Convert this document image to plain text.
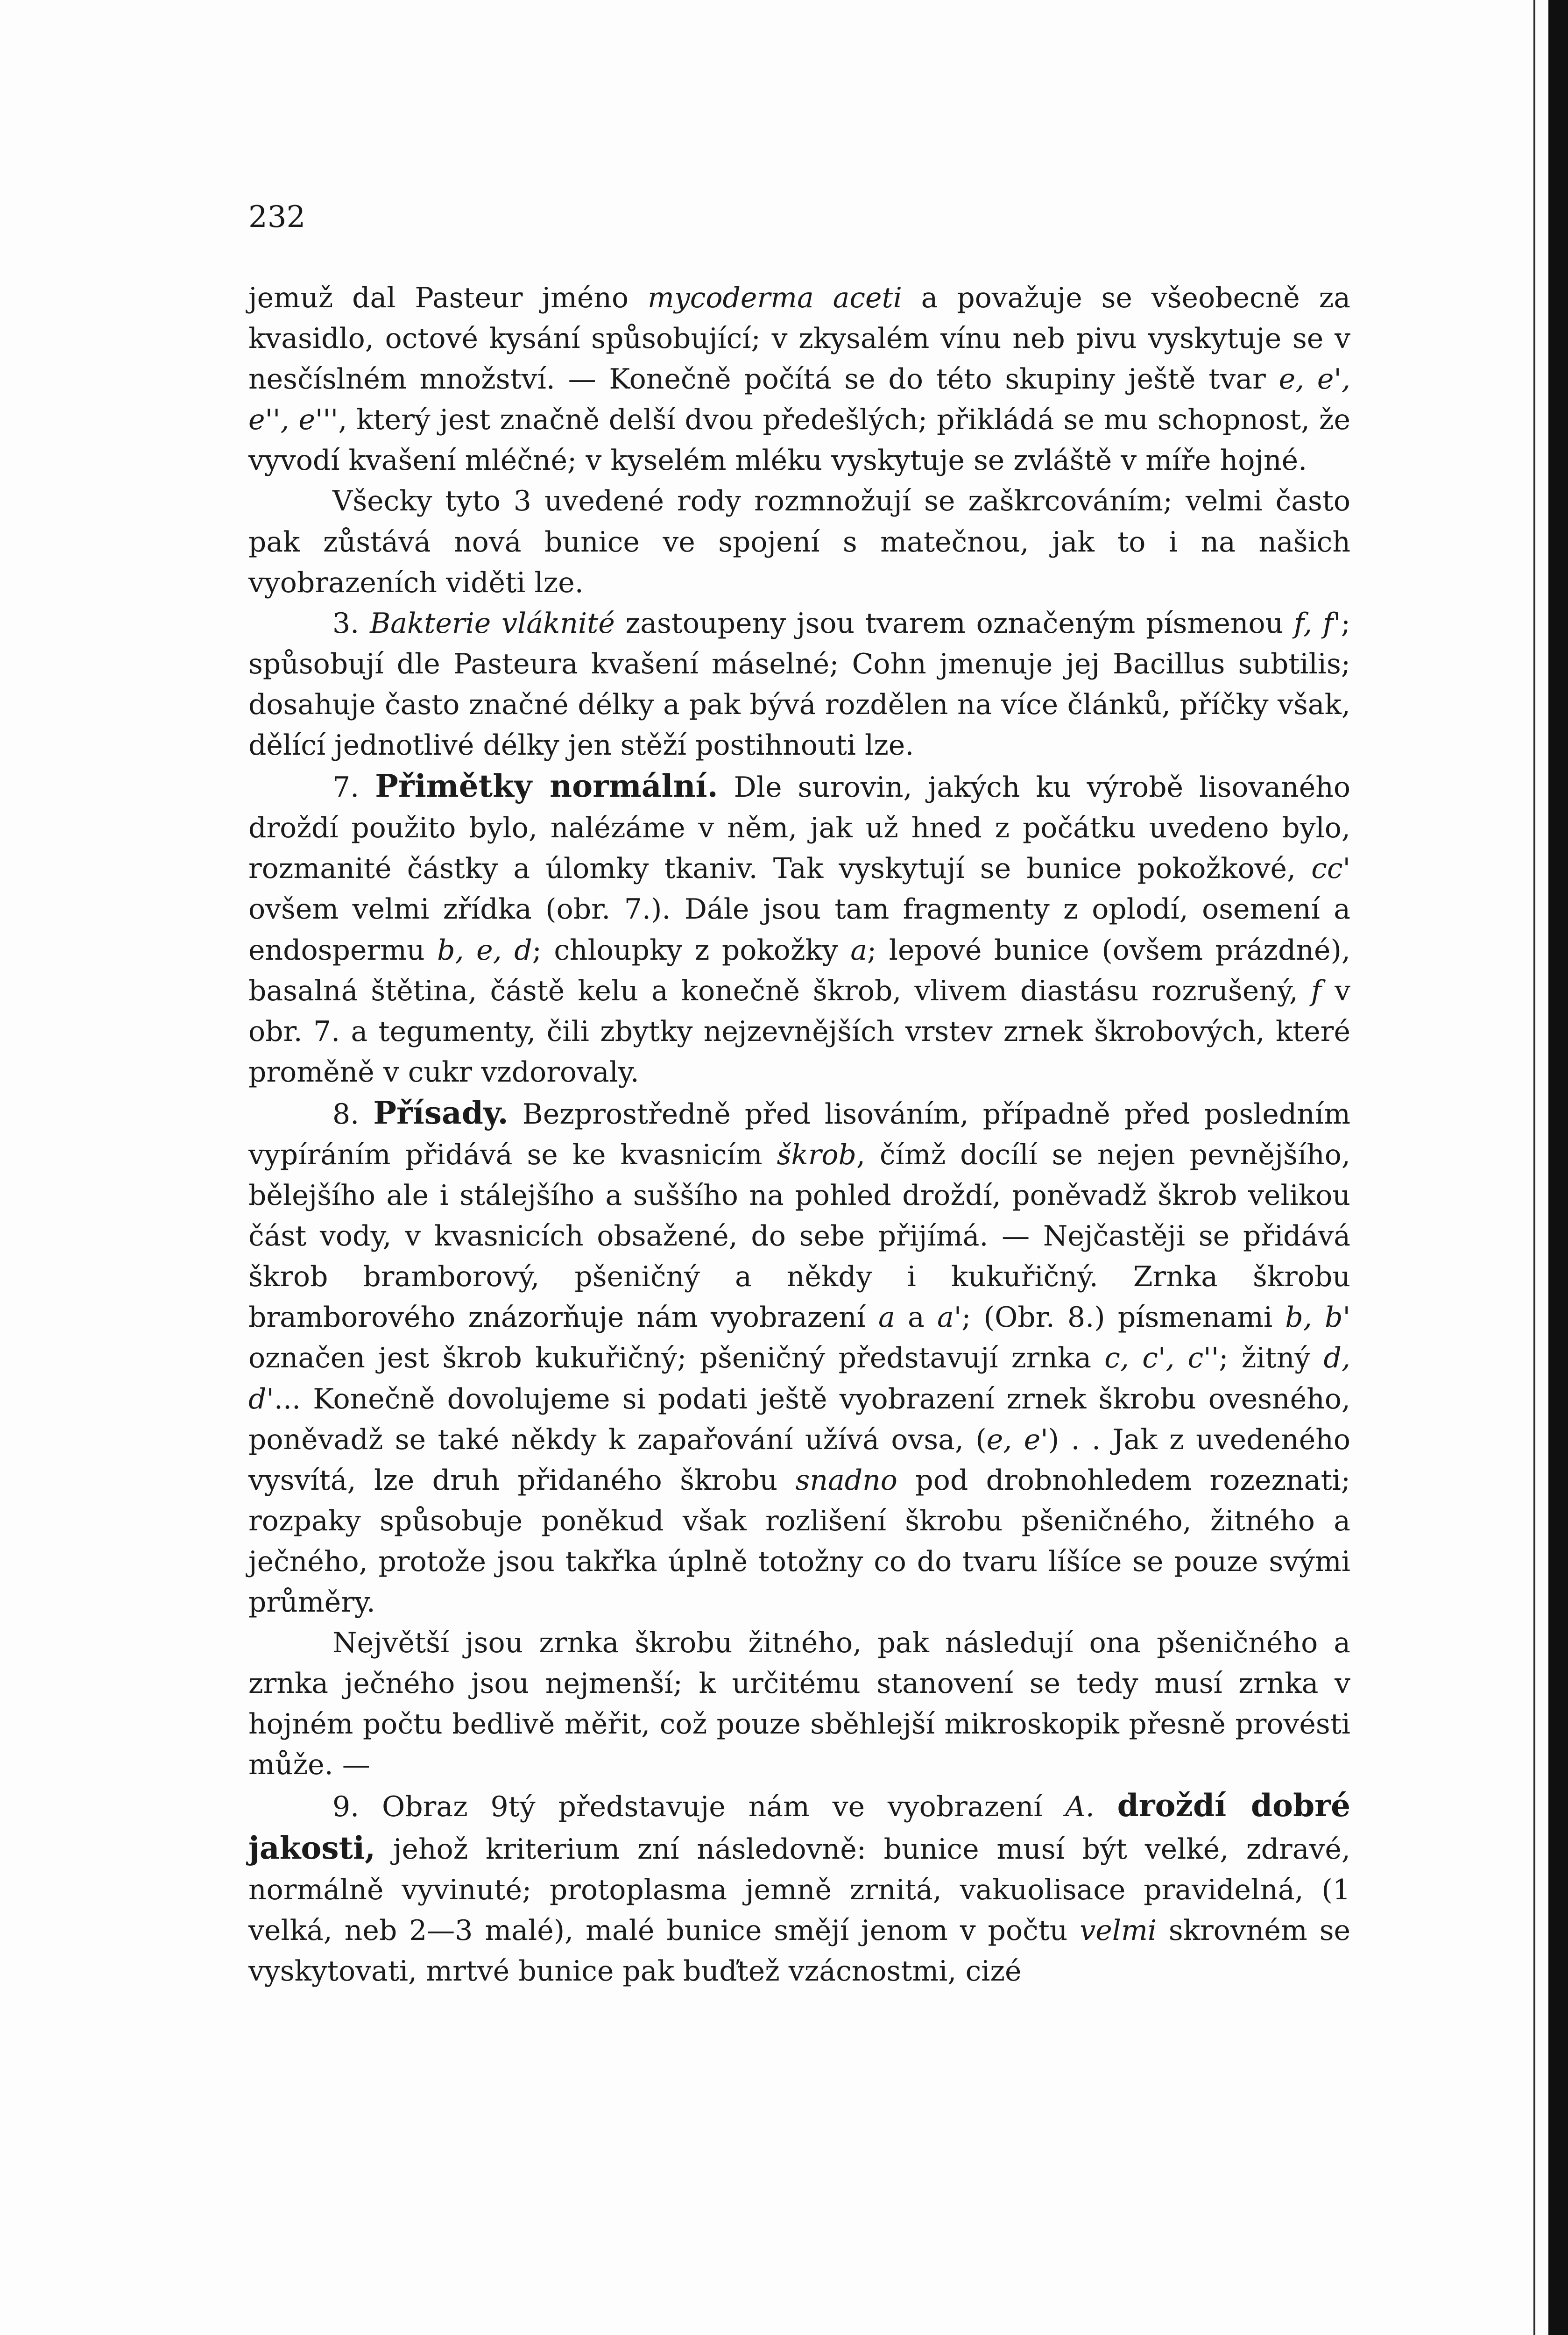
232

jemuž dal Pasteur jméno mycoderma aceti a považuje se všeobecně za kvasidlo, octové kysání spůsobující; v zkysalém vínu neb pivu vyskytuje se v nesčíslném množství. — Konečně počítá se do této skupiny ještě tvar e, e', e'', e''', který jest značně delší dvou předešlých; přikládá se mu schopnost, že vyvodí kvašení mléčné; v kyselém mléku vyskytuje se zvláště v míře hojné.

Všecky tyto 3 uvedené rody rozmnožují se zaškrcováním; velmi často pak zůstává nová bunice ve spojení s matečnou, jak to i na našich vyobrazeních viděti lze.

3. Bakterie vláknité zastoupeny jsou tvarem označeným písmenou f, f'; spůsobují dle Pasteura kvašení máselné; Cohn jmenuje jej Bacillus subtilis; dosahuje často značné délky a pak bývá rozdělen na více článků, příčky však, dělící jednotlivé délky jen stěží postihnouti lze.

7. Přimětky normální. Dle surovin, jakých ku výrobě lisovaného droždí použito bylo, nalézáme v něm, jak už hned z počátku uvedeno bylo, rozmanité částky a úlomky tkaniv. Tak vyskytují se bunice pokožkové, cc' ovšem velmi zřídka (obr. 7.). Dále jsou tam fragmenty z oplodí, osemení a endospermu b, e, d; chloupky z pokožky a; lepové bunice (ovšem prázdné), basalná štětina, částě kelu a konečně škrob, vlivem diastásu rozrušený, f v obr. 7. a tegumenty, čili zbytky nejzevnějších vrstev zrnek škrobových, které proměně v cukr vzdorovaly.

8. Přísady. Bezprostředně před lisováním, případně před posledním vypíráním přidává se ke kvasnicím škrob, čímž docílí se nejen pevnějšího, bělejšího ale i stálejšího a suššího na pohled droždí, poněvadž škrob velikou část vody, v kvasnicích obsažené, do sebe přijímá. — Nejčastěji se přidává škrob bramborový, pšeničný a někdy i kukuřičný. Zrnka škrobu bramborového znázorňuje nám vyobrazení a a a'; (Obr. 8.) písmenami b, b' označen jest škrob kukuřičný; pšeničný představují zrnka c, c', c''; žitný d, d'... Konečně dovolujeme si podati ještě vyobrazení zrnek škrobu ovesného, poněvadž se také někdy k zapařování užívá ovsa, (e, e') . . Jak z uvedeného vysvítá, lze druh přidaného škrobu snadno pod drobnohledem rozeznati; rozpaky spůsobuje poněkud však rozlišení škrobu pšeničného, žitného a ječného, protože jsou takřka úplně totožny co do tvaru líšíce se pouze svými průměry.

Největší jsou zrnka škrobu žitného, pak následují ona pšeničného a zrnka ječného jsou nejmenší; k určitému stanovení se tedy musí zrnka v hojném počtu bedlivě měřit, což pouze sběhlejší mikroskopik přesně provésti může. —

9. Obraz 9tý představuje nám ve vyobrazení A. droždí dobré jakosti, jehož kriterium zní následovně: bunice musí být velké, zdravé, normálně vyvinuté; protoplasma jemně zrnitá, vakuolisace pravidelná, (1 velká, neb 2—3 malé), malé bunice smějí jenom v počtu velmi skrovném se vyskytovati, mrtvé bunice pak buďtež vzácnostmi, cizé
